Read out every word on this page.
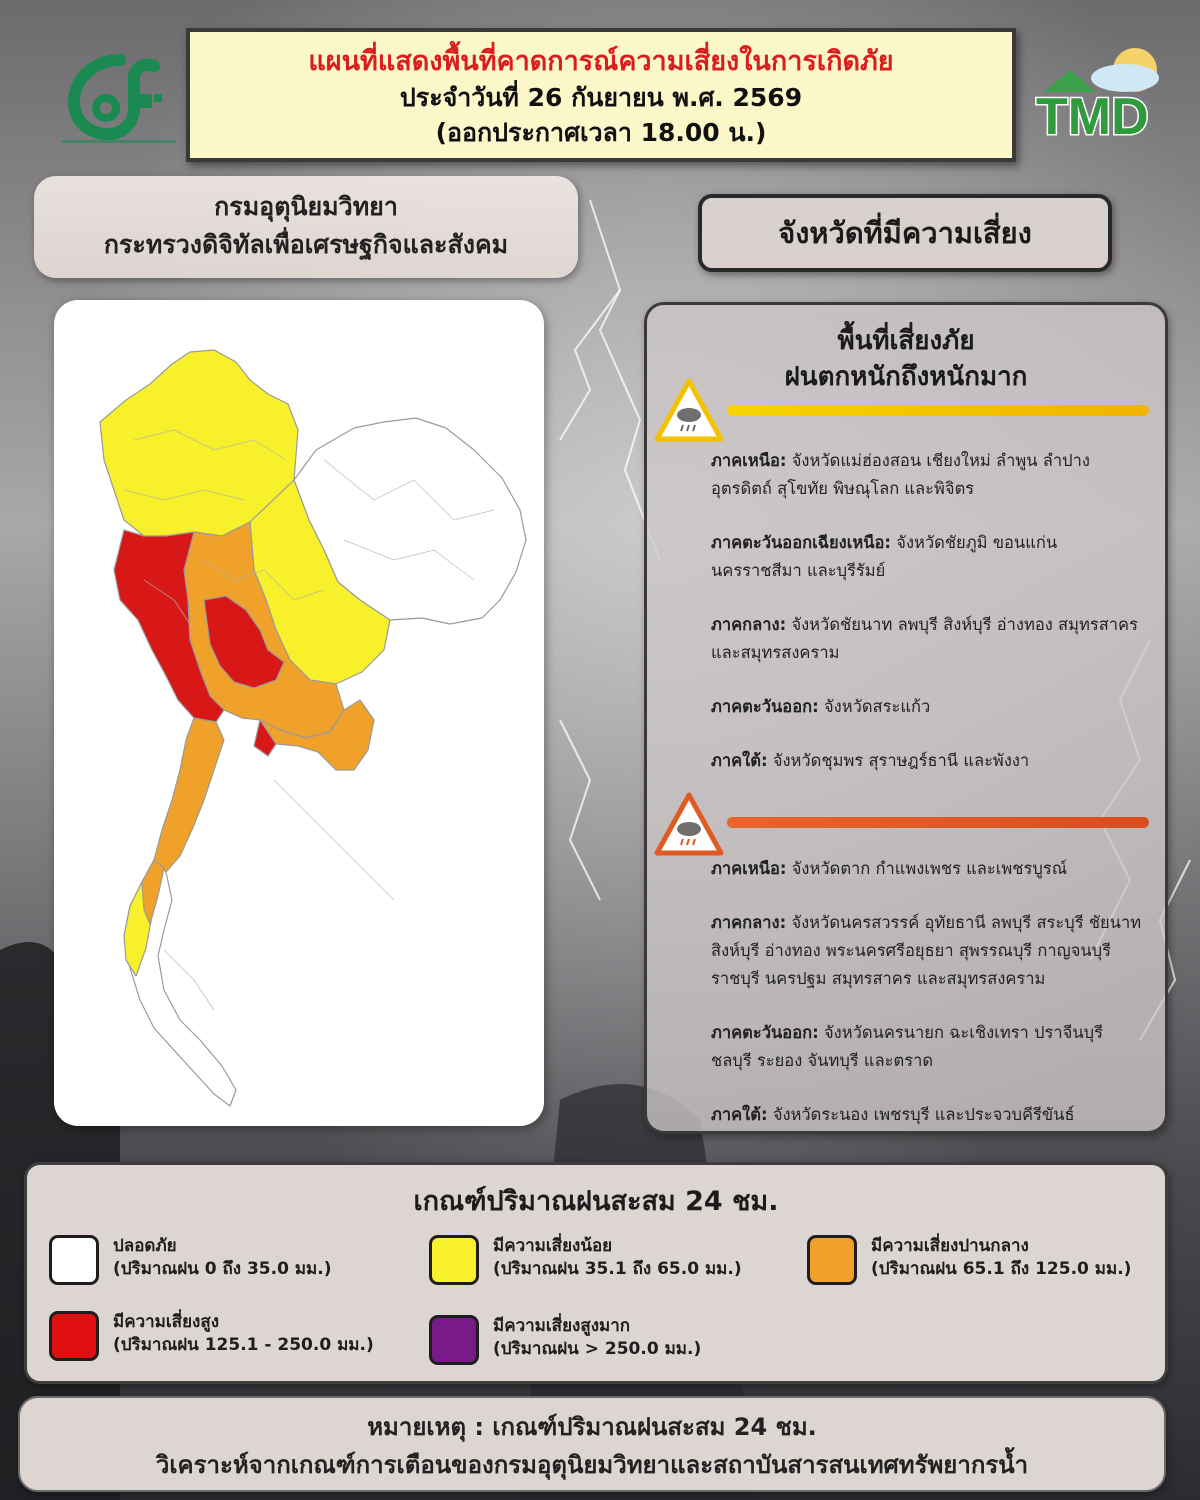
แผนที่แสดงพื้นที่คาดการณ์ความเสี่ยงในการเกิดภัย
ประจำวันที่ 26 กันยายน พ.ศ. 2569
(ออกประกาศเวลา 18.00 น.)	TMD
กรมอุตุนิยมวิทยา
กระทรวงดิจิทัลเพื่อเศรษฐกิจและสังคม	จังหวัดที่มีความเสี่ยง
พื้นที่เสี่ยงภัย
ฝนตกหนักถึงหนักมาก
ภาคเหนือ: จังหวัดแม่ฮ่องสอน เชียงใหม่ ลำพูน ลำปาง อุตรดิตถ์ สุโขทัย พิษณุโลก และพิจิตร
ภาคตะวันออกเฉียงเหนือ: จังหวัดชัยภูมิ ขอนแก่น นครราชสีมา และบุรีรัมย์
ภาคกลาง: จังหวัดชัยนาท ลพบุรี สิงห์บุรี อ่างทอง สมุทรสาคร และสมุทรสงคราม
ภาคตะวันออก: จังหวัดสระแก้ว
ภาคใต้: จังหวัดชุมพร สุราษฎร์ธานี และพังงา
ภาคเหนือ: จังหวัดตาก กำแพงเพชร และเพชรบูรณ์
ภาคกลาง: จังหวัดนครสวรรค์ อุทัยธานี ลพบุรี สระบุรี ชัยนาท สิงห์บุรี อ่างทอง พระนครศรีอยุธยา สุพรรณบุรี กาญจนบุรี ราชบุรี นครปฐม สมุทรสาคร และสมุทรสงคราม
ภาคตะวันออก: จังหวัดนครนายก ฉะเชิงเทรา ปราจีนบุรี ชลบุรี ระยอง จันทบุรี และตราด
ภาคใต้: จังหวัดระนอง เพชรบุรี และประจวบคีรีขันธ์
เกณฑ์ปริมาณฝนสะสม 24 ชม.
ปลอดภัย
(ปริมาณฝน 0 ถึง 35.0 มม.)
มีความเสี่ยงน้อย
(ปริมาณฝน 35.1 ถึง 65.0 มม.)
มีความเสี่ยงปานกลาง
(ปริมาณฝน 65.1 ถึง 125.0 มม.)
มีความเสี่ยงสูง
(ปริมาณฝน 125.1 - 250.0 มม.)
มีความเสี่ยงสูงมาก
(ปริมาณฝน > 250.0 มม.)
หมายเหตุ : เกณฑ์ปริมาณฝนสะสม 24 ชม.
วิเคราะห์จากเกณฑ์การเตือนของกรมอุตุนิยมวิทยาและสถาบันสารสนเทศทรัพยากรน้ำ
